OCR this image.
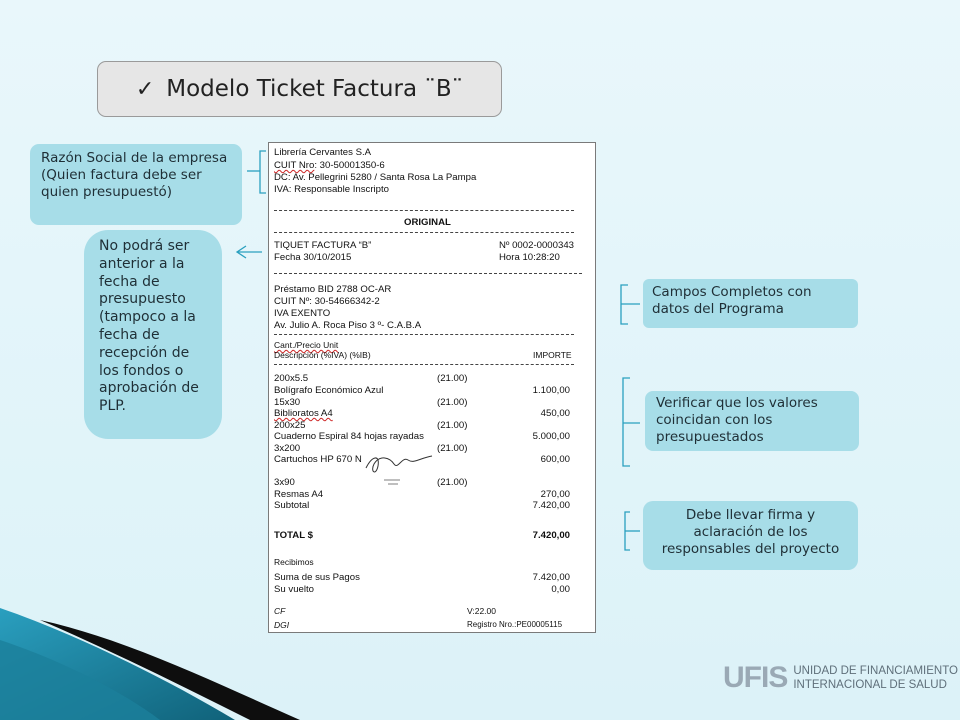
✓ Modelo Ticket Factura ¨B¨
Razón Social de la empresa (Quien factura debe ser quien presupuestó)
No podrá ser anterior a la fecha de presupuesto (tampoco a la fecha de recepción de los fondos o aprobación de PLP.
Campos Completos con datos del Programa
Verificar que los valores coincidan con los presupuestados
Debe llevar firma y aclaración de los responsables del proyecto
Librería Cervantes S.A
CUIT Nro: 30-50001350-6
DC: Av. Pellegrini 5280 / Santa Rosa La Pampa
IVA: Responsable Inscripto
ORIGINAL
TIQUET FACTURA “B”	Nº 0002-0000343
Fecha 30/10/2015	Hora 10:28:20
Préstamo BID 2788 OC-AR
CUIT Nº: 30-54666342-2
IVA EXENTO
Av. Julio A. Roca Piso 3 º- C.A.B.A
Cant./Precio Unit
Descripción (%IVA) (%IB)	IMPORTE
200x5.5	(21.00)
Bolígrafo Económico Azul	1.100,00
15x30	(21.00)
Biblioratos A4	450,00
200x25	(21.00)
Cuaderno Espiral 84 hojas rayadas	5.000,00
3x200	(21.00)
Cartuchos HP 670 N	600,00
3x90	(21.00)
Resmas A4	270,00
Subtotal	7.420,00
TOTAL $	7.420,00
Recibimos
Suma de sus Pagos	7.420,00
Su vuelto	0,00
CF	V:22.00
DGI	Registro Nro.:PE00005115
UFIS UNIDAD DE FINANCIAMIENTO
INTERNACIONAL DE SALUD
